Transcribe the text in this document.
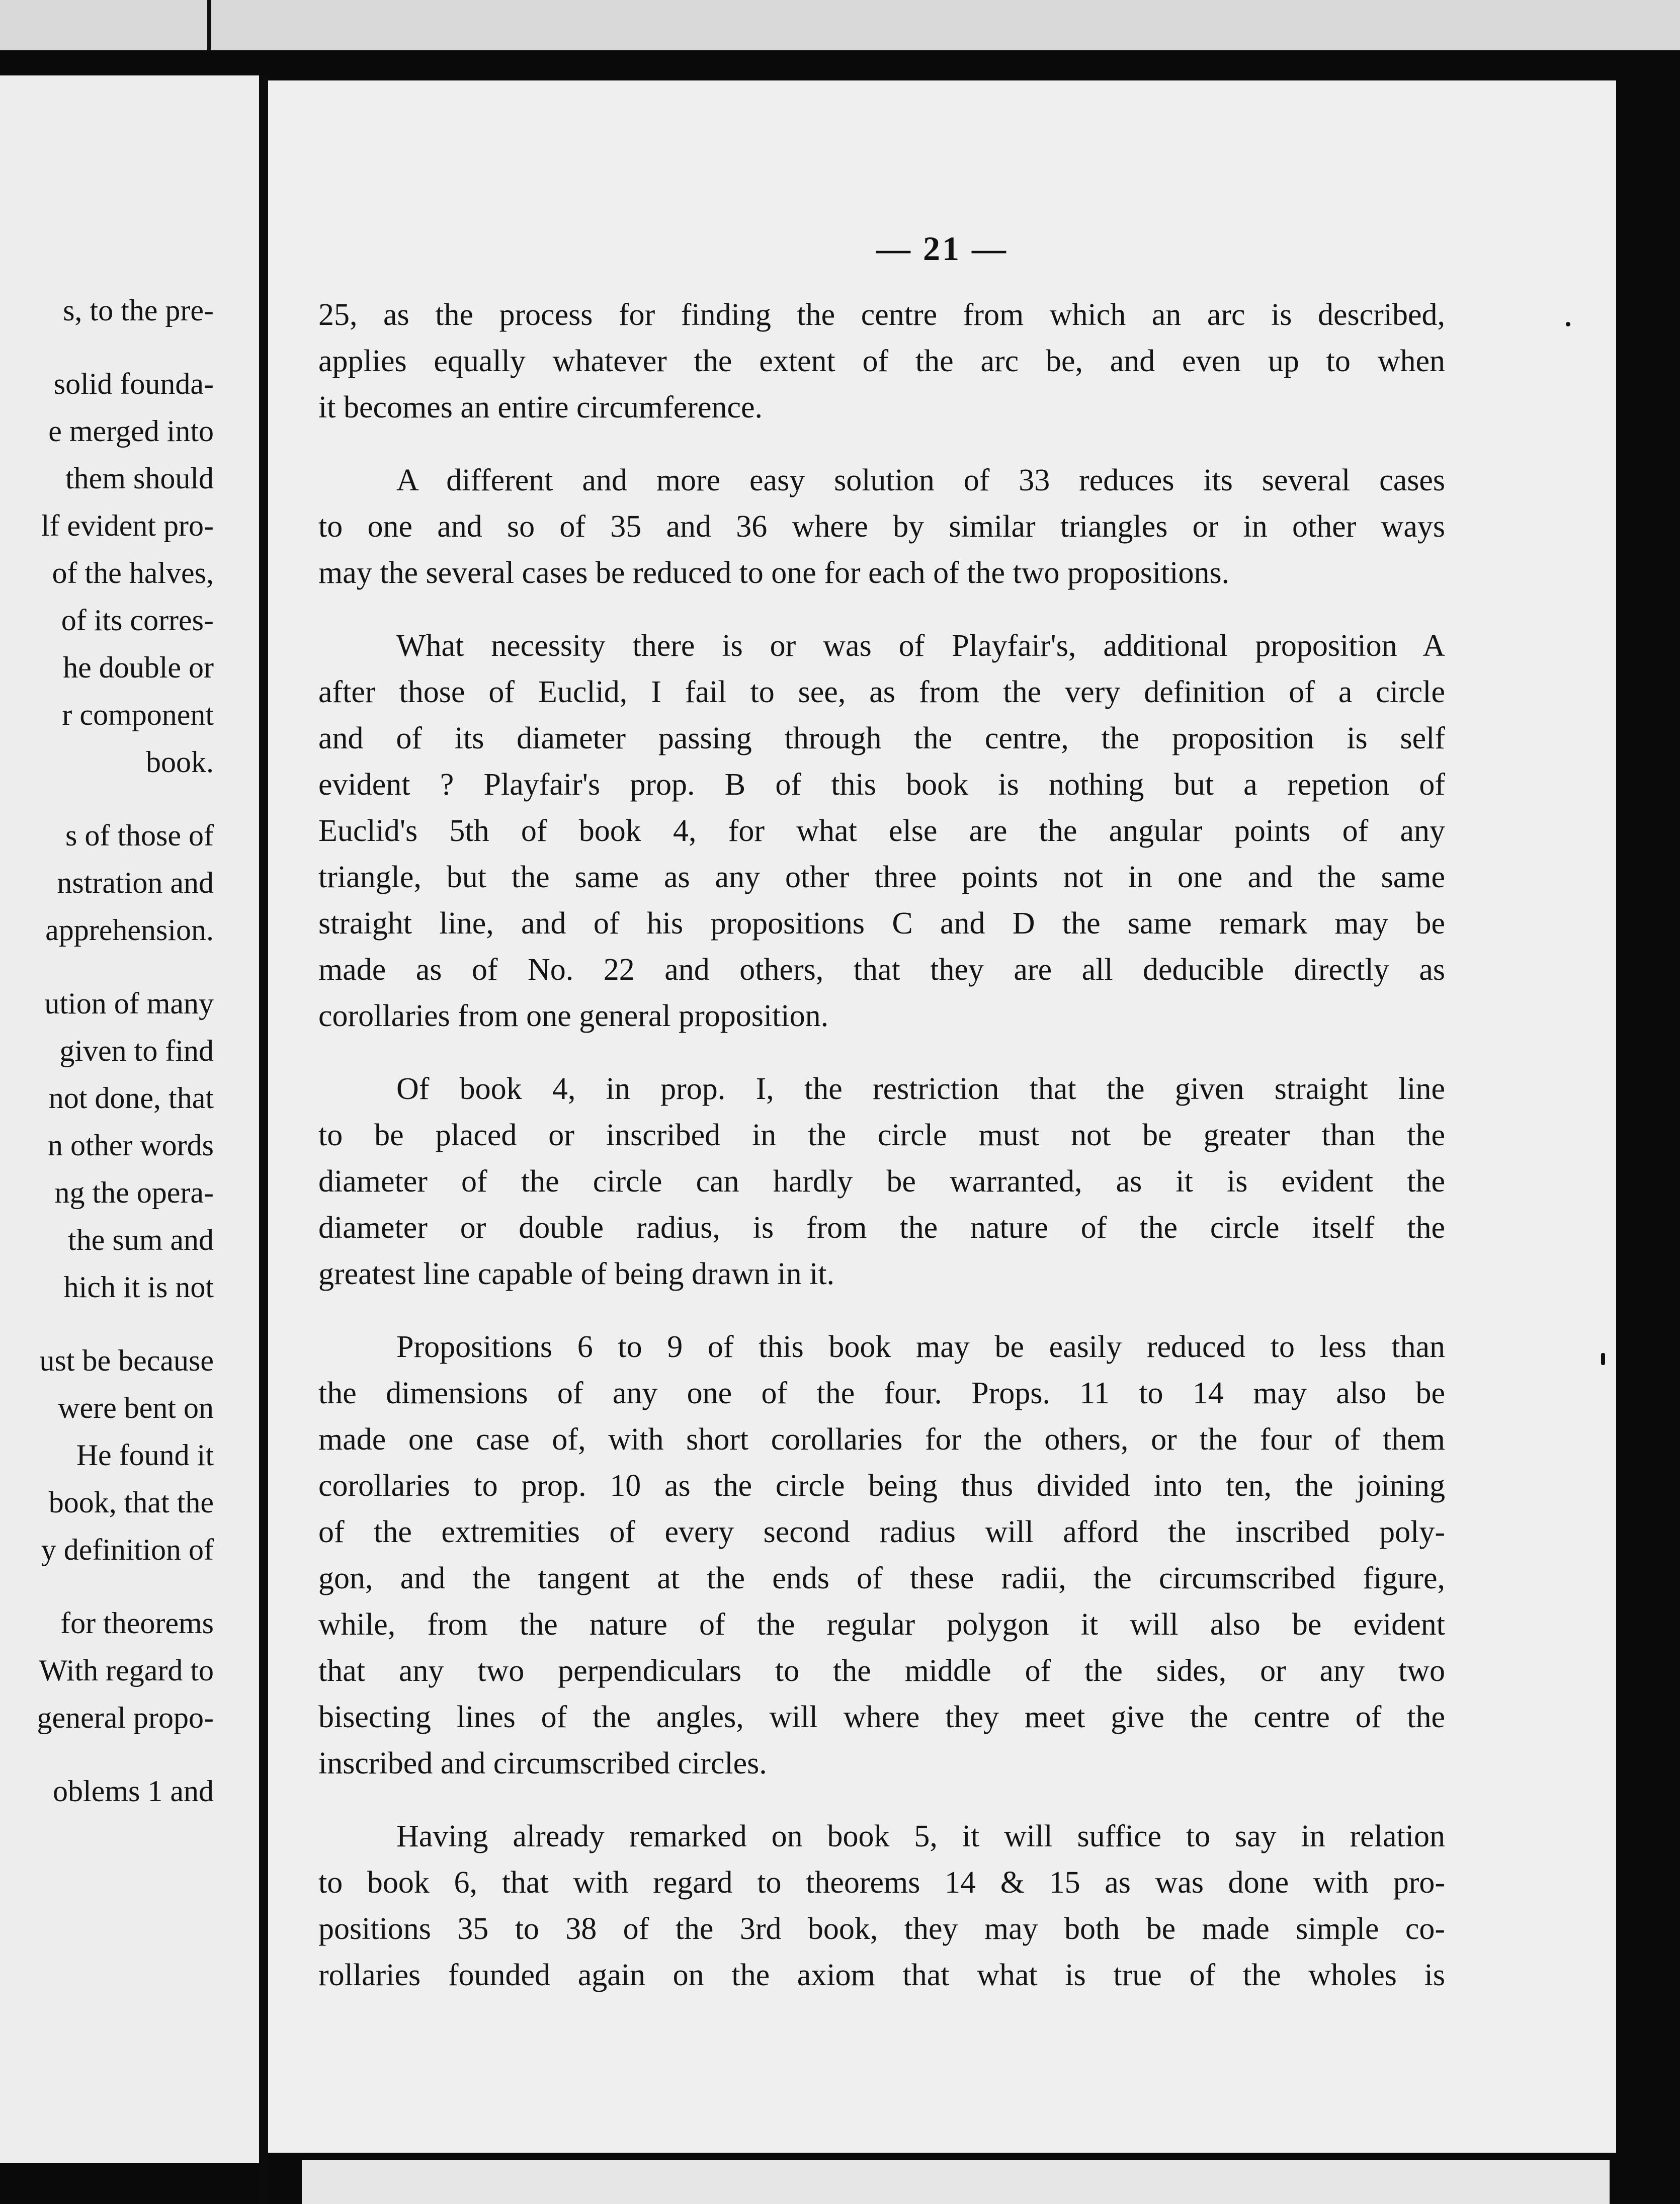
s, to the pre-
solid founda-
e merged into
them should
lf evident pro-
of the halves,
of its corres-
he double or
r component
book.
s of those of
nstration and
apprehension.
ution of many
given to find
not done, that
n other words
ng the opera-
the sum and
hich it is not
ust be because
were bent on
He found it
book, that the
y definition of
for theorems
With regard to
general propo-
oblems 1 and
— 21 —
25, as the process for finding the centre from which an arc is described,
applies equally whatever the extent of the arc be, and even up to when
it becomes an entire circumference.
A different and more easy solution of 33 reduces its several cases
to one and so of 35 and 36 where by similar triangles or in other ways
may the several cases be reduced to one for each of the two propositions.
What necessity there is or was of Playfair's, additional proposition A
after those of Euclid, I fail to see, as from the very definition of a circle
and of its diameter passing through the centre, the proposition is self
evident ? Playfair's prop. B of this book is nothing but a repetion of
Euclid's 5th of book 4, for what else are the angular points of any
triangle, but the same as any other three points not in one and the same
straight line, and of his propositions C and D the same remark may be
made as of No. 22 and others, that they are all deducible directly as
corollaries from one general proposition.
Of book 4, in prop. I, the restriction that the given straight line
to be placed or inscribed in the circle must not be greater than the
diameter of the circle can hardly be warranted, as it is evident the
diameter or double radius, is from the nature of the circle itself the
greatest line capable of being drawn in it.
Propositions 6 to 9 of this book may be easily reduced to less than
the dimensions of any one of the four. Props. 11 to 14 may also be
made one case of, with short corollaries for the others, or the four of them
corollaries to prop. 10 as the circle being thus divided into ten, the joining
of the extremities of every second radius will afford the inscribed poly-
gon, and the tangent at the ends of these radii, the circumscribed figure,
while, from the nature of the regular polygon it will also be evident
that any two perpendiculars to the middle of the sides, or any two
bisecting lines of the angles, will where they meet give the centre of the
inscribed and circumscribed circles.
Having already remarked on book 5, it will suffice to say in relation
to book 6, that with regard to theorems 14 & 15 as was done with pro-
positions 35 to 38 of the 3rd book, they may both be made simple co-
rollaries founded again on the axiom that what is true of the wholes is
